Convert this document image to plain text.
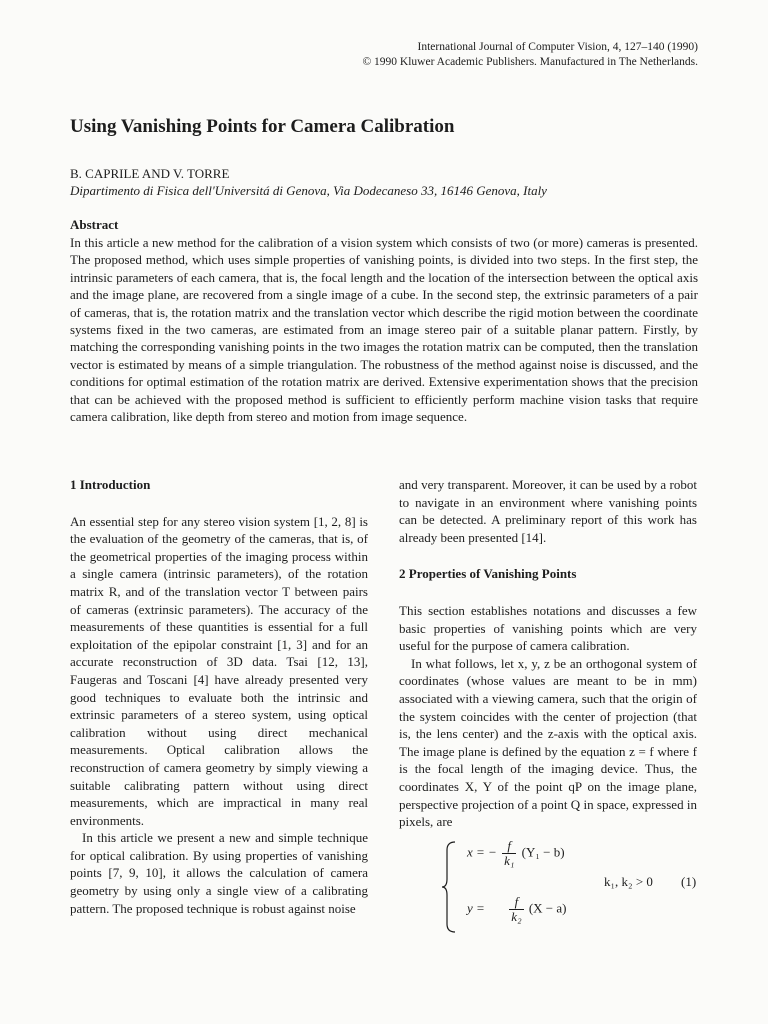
International Journal of Computer Vision, 4, 127–140 (1990)
© 1990 Kluwer Academic Publishers. Manufactured in The Netherlands.
Using Vanishing Points for Camera Calibration
B. CAPRILE AND V. TORRE
Dipartimento di Fisica dell'Universitá di Genova, Via Dodecaneso 33, 16146 Genova, Italy
Abstract

In this article a new method for the calibration of a vision system which consists of two (or more) cameras is presented. The proposed method, which uses simple properties of vanishing points, is divided into two steps. In the first step, the intrinsic parameters of each camera, that is, the focal length and the location of the intersection between the optical axis and the image plane, are recovered from a single image of a cube. In the second step, the extrinsic parameters of a pair of cameras, that is, the rotation matrix and the translation vector which describe the rigid motion between the coordinate systems fixed in the two cameras, are estimated from an image stereo pair of a suitable planar pattern. Firstly, by matching the corresponding vanishing points in the two images the rotation matrix can be computed, then the translation vector is estimated by means of a simple triangulation. The robustness of the method against noise is discussed, and the conditions for optimal estimation of the rotation matrix are derived. Extensive experimentation shows that the precision that can be achieved with the proposed method is sufficient to efficiently perform machine vision tasks that require camera calibration, like depth from stereo and motion from image sequence.

1 Introduction

An essential step for any stereo vision system [1, 2, 8] is the evaluation of the geometry of the cameras, that is, of the geometrical properties of the imaging process within a single camera (intrinsic parameters), of the rotation matrix R, and of the translation vector T between pairs of cameras (extrinsic parameters). The accuracy of the measurements of these quantities is essential for a full exploitation of the epipolar constraint [1, 3] and for an accurate reconstruction of 3D data. Tsai [12, 13], Faugeras and Toscani [4] have already presented very good techniques to evaluate both the intrinsic and extrinsic parameters of a stereo system, using optical calibration without using direct mechanical measurements. Optical calibration allows the reconstruction of camera geometry by simply viewing a suitable calibrating pattern without using direct measurements, which are impractical in many real environments.

In this article we present a new and simple technique for optical calibration. By using properties of vanishing points [7, 9, 10], it allows the calculation of camera geometry by using only a single view of a calibrating pattern. The proposed technique is robust against noise

and very transparent. Moreover, it can be used by a robot to navigate in an environment where vanishing points can be detected. A preliminary report of this work has already been presented [14].

2 Properties of Vanishing Points

This section establishes notations and discusses a few basic properties of vanishing points which are very useful for the purpose of camera calibration.

In what follows, let x, y, z be an orthogonal system of coordinates (whose values are meant to be in mm) associated with a viewing camera, such that the origin of the system coincides with the center of projection (that is, the lens center) and the z-axis with the optical axis. The image plane is defined by the equation z = f where f is the focal length of the imaging device. Thus, the coordinates X, Y of the point qP on the image plane, perspective projection of a point Q in space, expressed in pixels, are

x = − $\frac{f}{\text{k₁}} (Y_1 - b)$
$y = \frac{f}{\text{k₂}} (X - a)$
k₁, k₂ > 0 (1)
